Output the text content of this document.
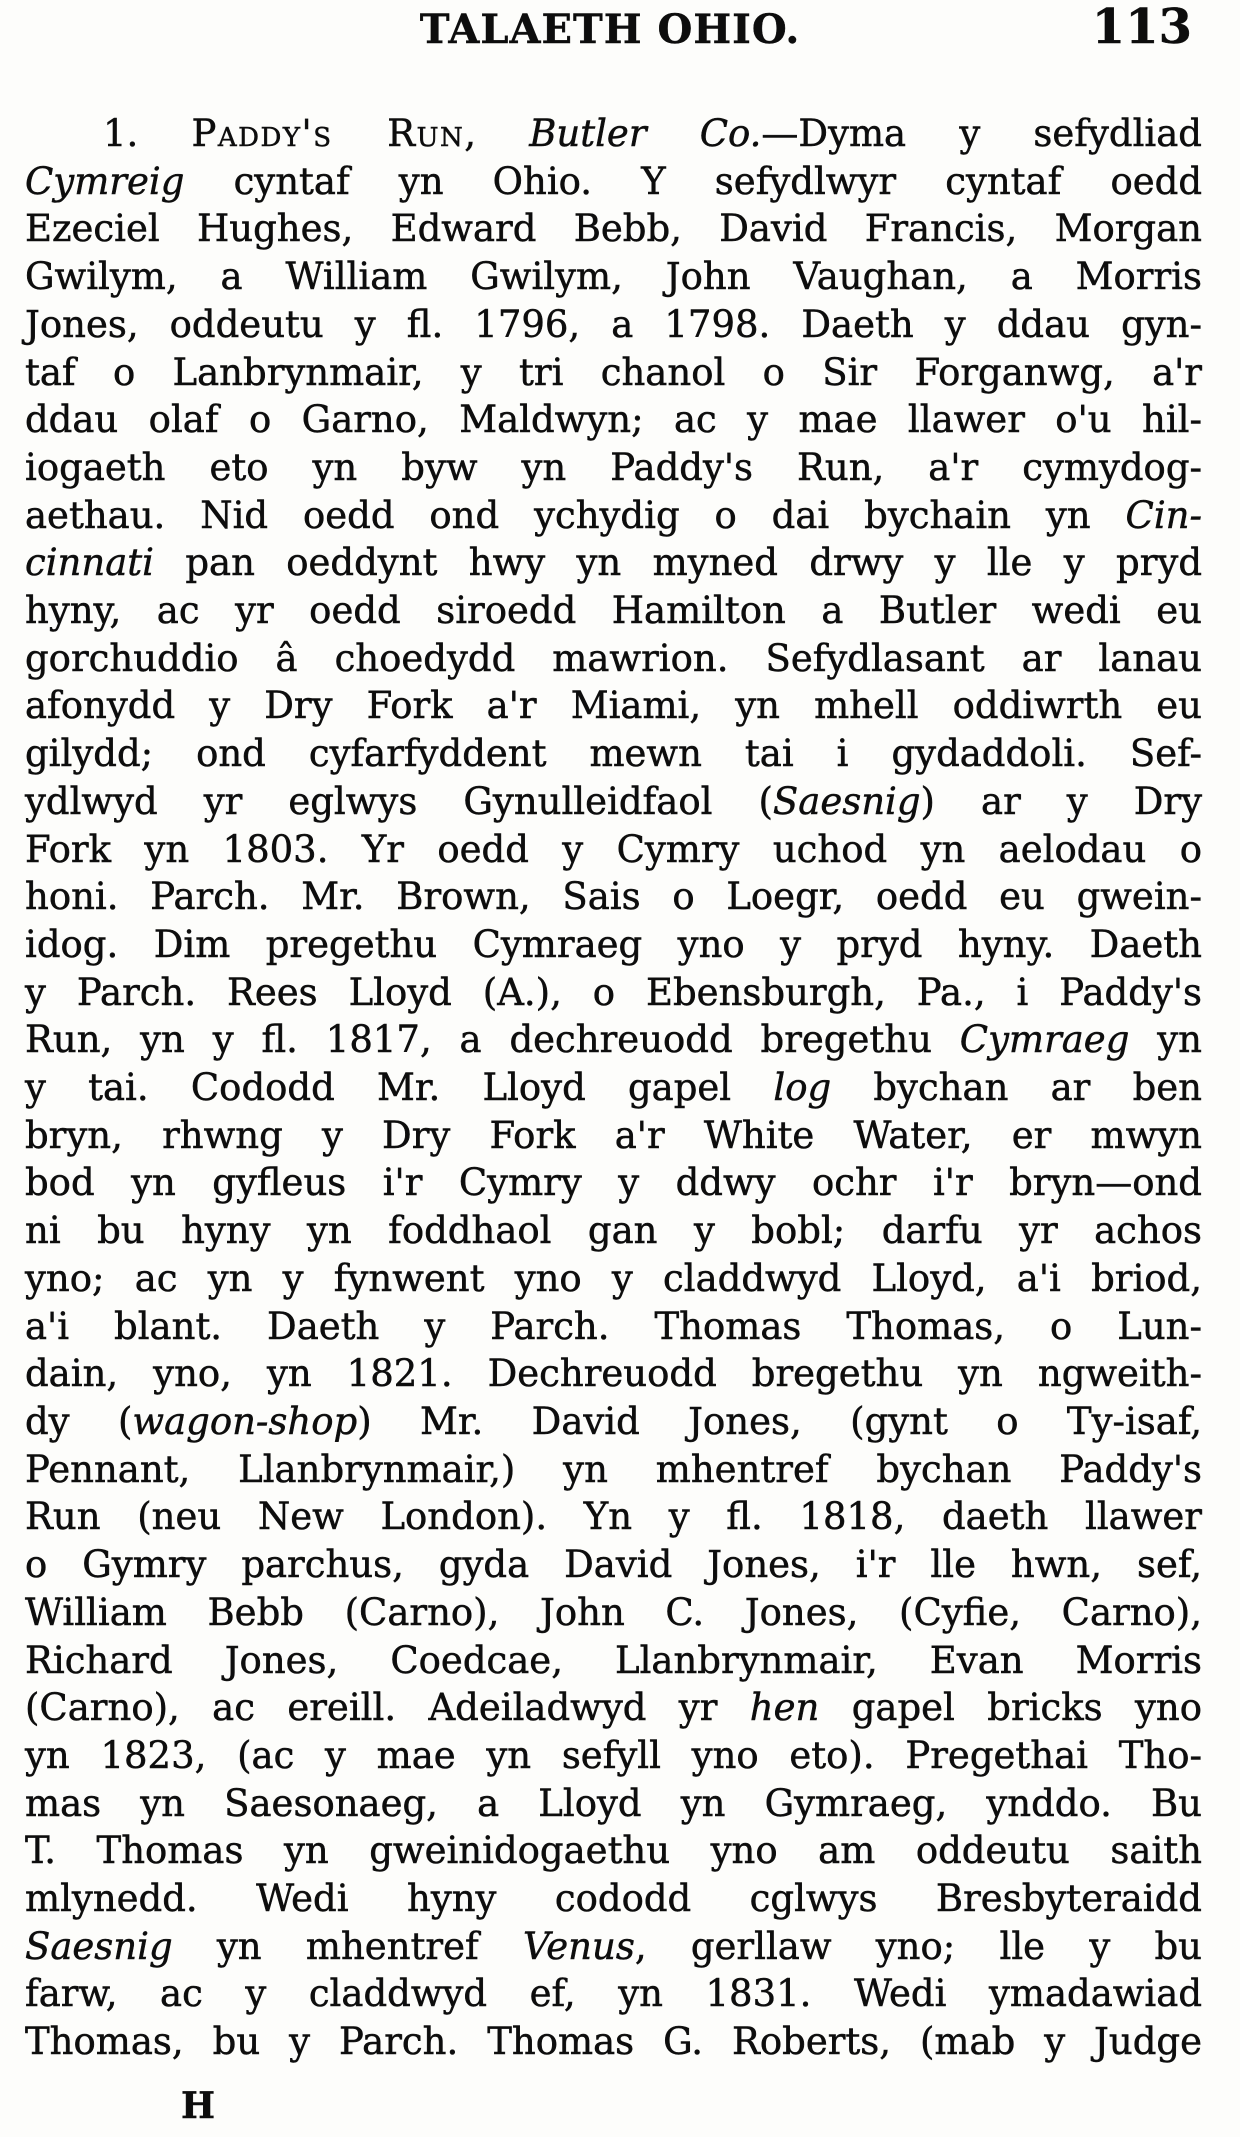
TALAETH OHIO.	113
1. Paddy's Run, Butler Co.—Dyma y sefydliad
Cymreig cyntaf yn Ohio. Y sefydlwyr cyntaf oedd
Ezeciel Hughes, Edward Bebb, David Francis, Morgan
Gwilym, a William Gwilym, John Vaughan, a Morris
Jones, oddeutu y fl. 1796, a 1798. Daeth y ddau gyn-
taf o Lanbrynmair, y tri chanol o Sir Forganwg, a'r
ddau olaf o Garno, Maldwyn; ac y mae llawer o'u hil-
iogaeth eto yn byw yn Paddy's Run, a'r cymydog-
aethau. Nid oedd ond ychydig o dai bychain yn Cin-
cinnati pan oeddynt hwy yn myned drwy y lle y pryd
hyny, ac yr oedd siroedd Hamilton a Butler wedi eu
gorchuddio â choedydd mawrion. Sefydlasant ar lanau
afonydd y Dry Fork a'r Miami, yn mhell oddiwrth eu
gilydd; ond cyfarfyddent mewn tai i gydaddoli. Sef-
ydlwyd yr eglwys Gynulleidfaol (Saesnig) ar y Dry
Fork yn 1803. Yr oedd y Cymry uchod yn aelodau o
honi. Parch. Mr. Brown, Sais o Loegr, oedd eu gwein-
idog. Dim pregethu Cymraeg yno y pryd hyny. Daeth
y Parch. Rees Lloyd (A.), o Ebensburgh, Pa., i Paddy's
Run, yn y fl. 1817, a dechreuodd bregethu Cymraeg yn
y tai. Cododd Mr. Lloyd gapel log bychan ar ben
bryn, rhwng y Dry Fork a'r White Water, er mwyn
bod yn gyfleus i'r Cymry y ddwy ochr i'r bryn—ond
ni bu hyny yn foddhaol gan y bobl; darfu yr achos
yno; ac yn y fynwent yno y claddwyd Lloyd, a'i briod,
a'i blant. Daeth y Parch. Thomas Thomas, o Lun-
dain, yno, yn 1821. Dechreuodd bregethu yn ngweith-
dy (wagon-shop) Mr. David Jones, (gynt o Ty-isaf,
Pennant, Llanbrynmair,) yn mhentref bychan Paddy's
Run (neu New London). Yn y fl. 1818, daeth llawer
o Gymry parchus, gyda David Jones, i'r lle hwn, sef,
William Bebb (Carno), John C. Jones, (Cyfie, Carno),
Richard Jones, Coedcae, Llanbrynmair, Evan Morris
(Carno), ac ereill. Adeiladwyd yr hen gapel bricks yno
yn 1823, (ac y mae yn sefyll yno eto). Pregethai Tho-
mas yn Saesonaeg, a Lloyd yn Gymraeg, ynddo. Bu
T. Thomas yn gweinidogaethu yno am oddeutu saith
mlynedd. Wedi hyny cododd cglwys Bresbyteraidd
Saesnig yn mhentref Venus, gerllaw yno; lle y bu
farw, ac y claddwyd ef, yn 1831. Wedi ymadawiad
Thomas, bu y Parch. Thomas G. Roberts, (mab y Judge
H
